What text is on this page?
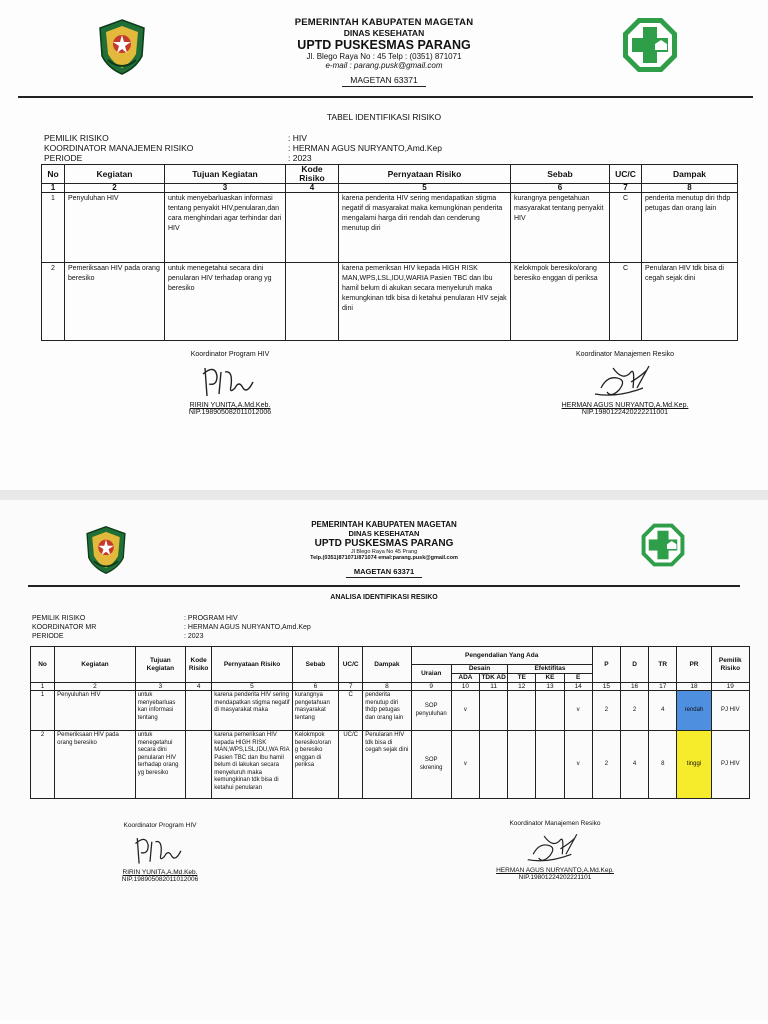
PEMERINTAH KABUPATEN MAGETAN
DINAS KESEHATAN
UPTD PUSKESMAS PARANG
Jl. Blego Raya No : 45 Telp : (0351) 871071
e-mail : parang.pusk@gmail.com
MAGETAN 63371
TABEL IDENTIFIKASI RISIKO
PEMILIK RISIKO	: HIV
KOORDINATOR MANAJEMEN RISIKO	: HERMAN AGUS NURYANTO,Amd.Kep
PERIODE	: 2023
No	Kegiatan	Tujuan Kegiatan	Kode Risiko	Pernyataan Risiko	Sebab	UC/C	Dampak
1	2	3	4	5	6	7	8
1	Penyuluhan HIV	untuk menyebarluaskan informasi tentang penyakit HIV,penularan,dan cara menghindari agar terhindar dari HIV		karena penderita HIV sering mendapatkan stigma negatif di masyarakat maka kemungkinan penderita mengalami harga diri rendah dan cenderung menutup diri	kurangnya pengetahuan masyarakat tentang penyakit HIV	C	penderita menutup diri thdp petugas dan orang lain
2	Pemeriksaan HIV pada orang beresiko	untuk menegetahui secara dini penularan HIV terhadap orang yg beresiko		karena pemeriksan HIV kepada HIGH RISK MAN,WPS,LSL,IDU,WARIA Pasien TBC dan Ibu hamil belum di akukan secara menyeluruh maka kemungkinan tdk bisa di ketahui penularan HIV sejak dini	Kelokmpok beresiko/orang beresiko enggan di periksa	C	Penularan HIV tdk bisa di cegah sejak dini
Koordinator Program HIV
RIRIN YUNITA,A.Md.Keb.
NIP.198905082011012006
Koordinator Manajemen Resiko
HERMAN AGUS NURYANTO,A.Md.Kep.
NIP.1980122420222211001
PEMERINTAH KABUPATEN MAGETAN
DINAS KESEHATAN
UPTD PUSKESMAS PARANG
Jl Blego Raya No 45 Prang
Telp.(0351)871071/871074 emal:parang.pusk@gmail.com
MAGETAN 63371
ANALISA IDENTIFIKASI RESIKO
PEMILIK RISIKO	: PROGRAM HIV
KOORDINATOR MR	: HERMAN AGUS NURYANTO,Amd.Kep
PERIODE	: 2023
No	Kegiatan	Tujuan Kegiatan	Kode Risiko	Pernyataan Risiko	Sebab	UC/C	Dampak	Pengendalian Yang Ada						P	D	TR	PR	Pemilik Risiko
								Uraian	Desain		Efektifitas							
									ADA	TDK AD	TE	KE	E					
1	2	3	4	5	6	7	8	9	10	11	12	13	14	15	16	17	18	19
1	Penyuluhan HIV	untuk menyebarluas kan informasi tentang		karena penderita HIV sering mendapatkan stigma negatif di masyarakat maka	kurangnya pengetahuan masyarakat tentang	C	penderita menutup diri thdp petugas dan orang lain	SOP penyuluhan	v				v	2	2	4	rendah	PJ HIV
2	Pemeriksaan HIV pada orang beresiko	untuk menegetahui secara dini penularan HIV terhadap orang yg beresiko		karena pemeriksan HIV kepada HIGH RISK MAN,WPS,LSL,IDU,WA RIA Pasien TBC dan Ibu hamil belum di lakukan secara menyeluruh maka kemungkinan tdk bisa di ketahui penularan	Kelokmpok beresiko/oran g beresiko enggan di periksa	UC/C	Penularan HIV tdk bisa di cegah sejak dini	SOP skrening	v				v	2	4	8	tinggi	PJ HIV
Koordinator Program HIV
RIRIN YUNITA,A.Md.Keb.
NIP.198905082011012006
Koordinator Manajemen Resiko
HERMAN AGUS NURYANTO,A.Md.Kep.
NIP.19801224202221101
